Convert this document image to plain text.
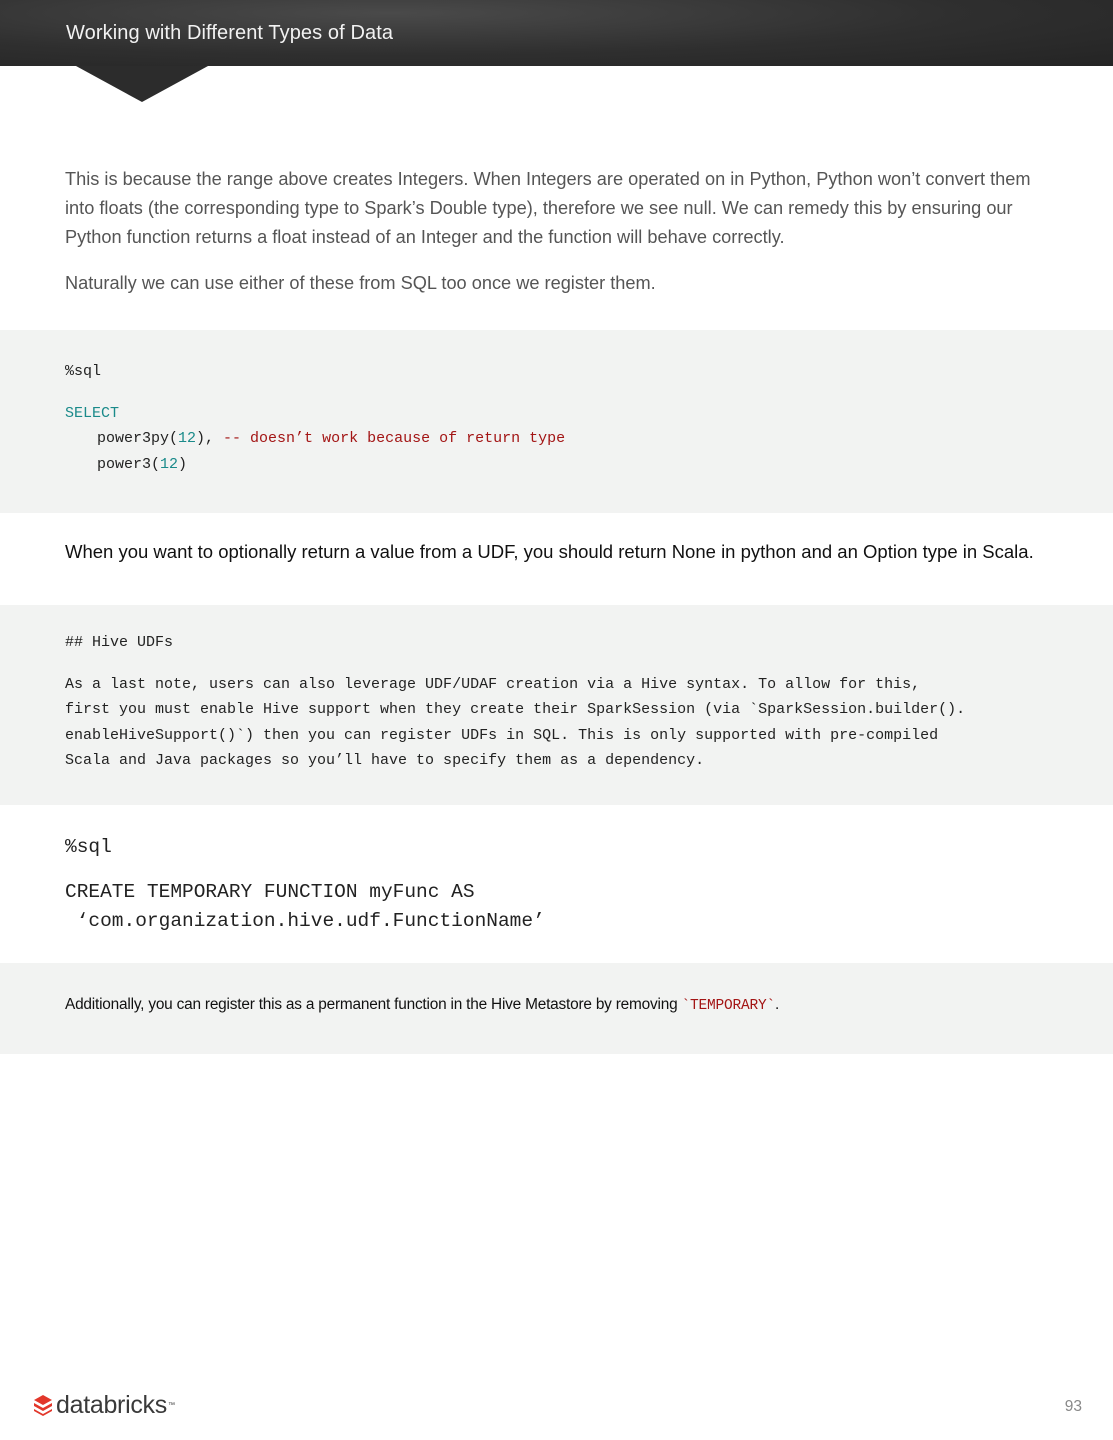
Working with Different Types of Data

This is because the range above creates Integers. When Integers are operated on in Python, Python won’t convert them into floats (the corresponding type to Spark’s Double type), therefore we see null. We can remedy this by ensuring our Python function returns a float instead of an Integer and the function will behave correctly.

Naturally we can use either of these from SQL too once we register them.

%sql
SELECT
power3py(12), -- doesn’t work because of return type
power3(12)

When you want to optionally return a value from a UDF, you should return None in python and an Option type in Scala.

## Hive UDFs
As a last note, users can also leverage UDF/UDAF creation via a Hive syntax. To allow for this,
first you must enable Hive support when they create their SparkSession (via `SparkSession.builder().
enableHiveSupport()`) then you can register UDFs in SQL. This is only supported with pre-compiled
Scala and Java packages so you’ll have to specify them as a dependency.
%sql
CREATE TEMPORARY FUNCTION myFunc AS
‘com.organization.hive.udf.FunctionName’

Additionally, you can register this as a permanent function in the Hive Metastore by removing `TEMPORARY`.

databricks ™	93
